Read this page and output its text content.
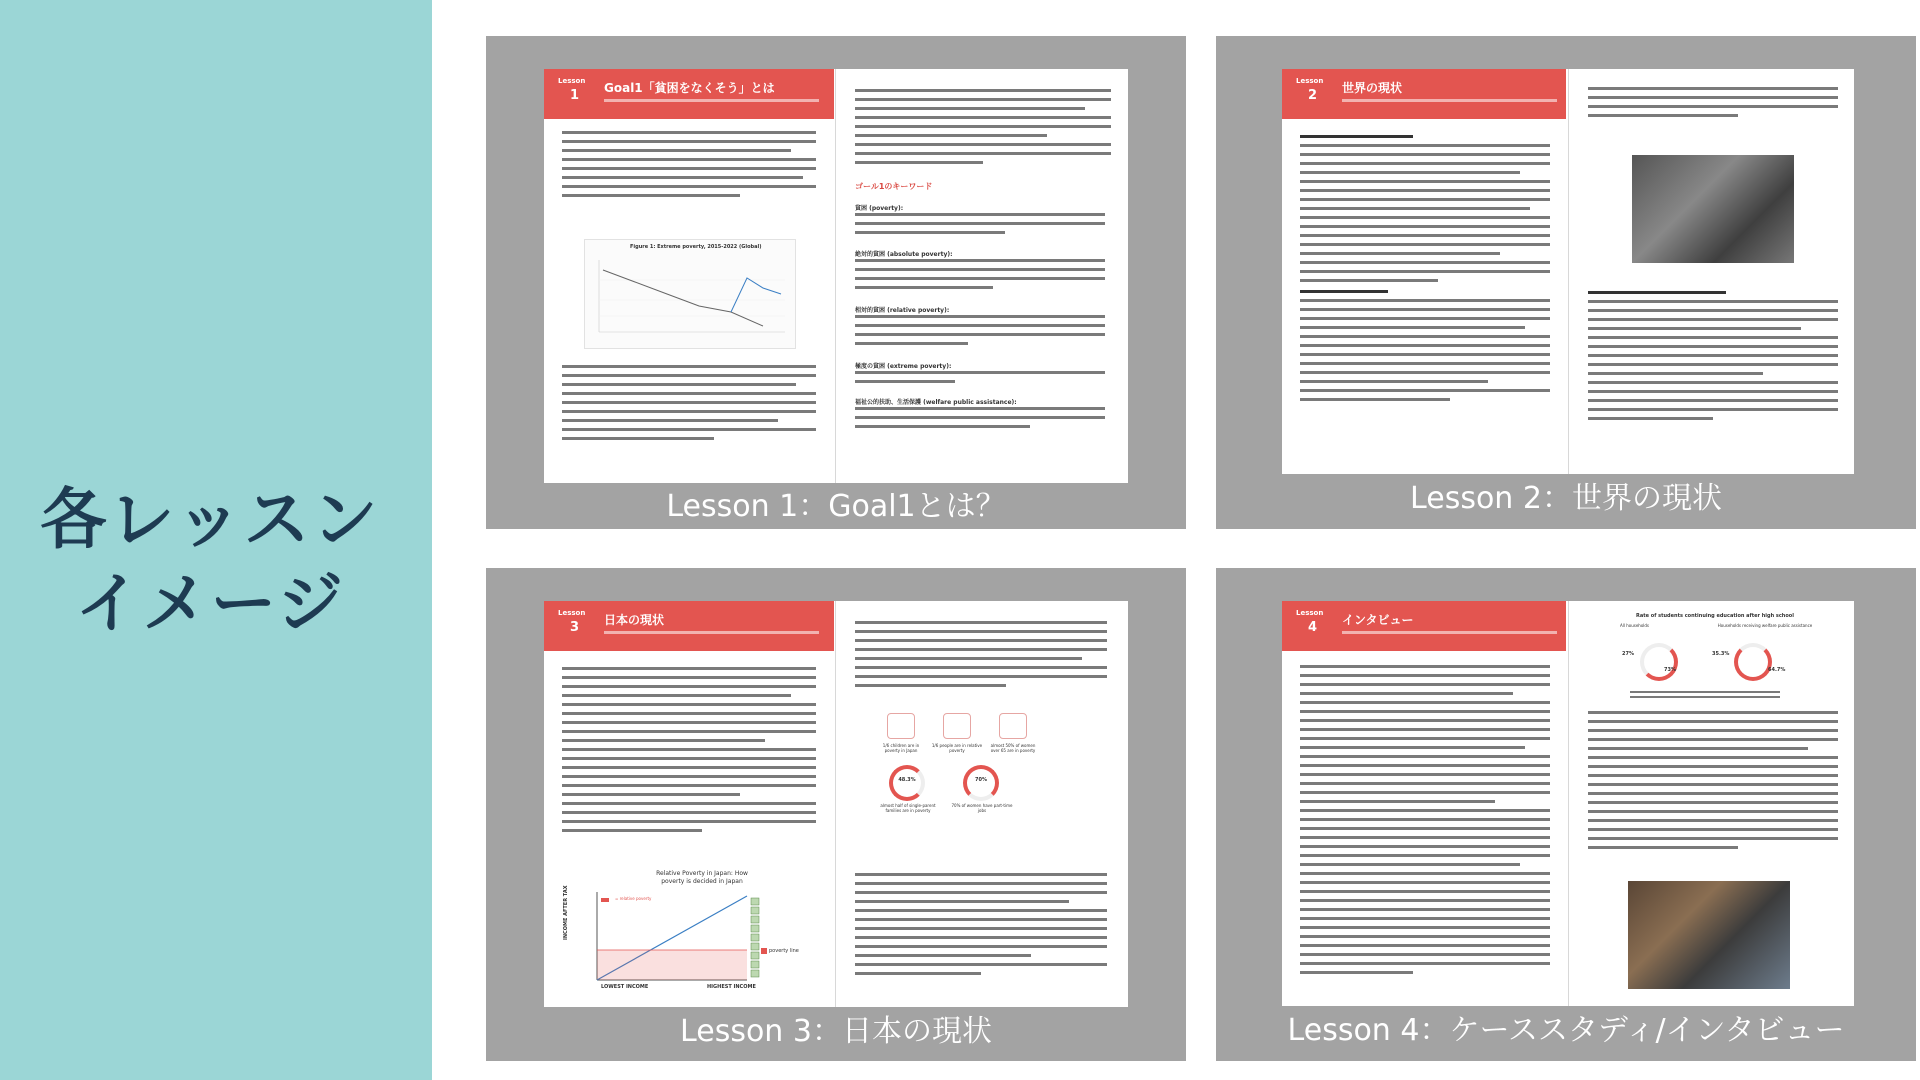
各レッスン
イメージ
Lesson
1 Goal1「貧困をなくそう」とは
Figure 1: Extreme poverty, 2015-2022 (Global)
ゴール1のキーワード
貧困 (poverty):
絶対的貧困 (absolute poverty):
相対的貧困 (relative poverty):
極度の貧困 (extreme poverty):
福祉公的扶助、生活保護 (welfare public assistance):
Lesson 1：Goal1とは？
Lesson
2 世界の現状
Lesson 2：世界の現状
Lesson
3 日本の現状
Relative Poverty in Japan: How poverty is decided in Japan
= relative poverty
INCOME AFTER TAX
LOWEST INCOME	HIGHEST INCOME
poverty line
1/6 children are in poverty in Japan
1/6 people are in relative poverty
almost 50% of women over 65 are in poverty
48.3%	70%
almost half of single-parent families are in poverty
70% of women have part-time jobs
Lesson 3：日本の現状
Lesson
4 インタビュー	Rate of students continuing education after high school
All households	Households receiving welfare public assistance
27%
73%
35.3%
64.7%
Lesson 4：ケーススタディ/インタビュー
